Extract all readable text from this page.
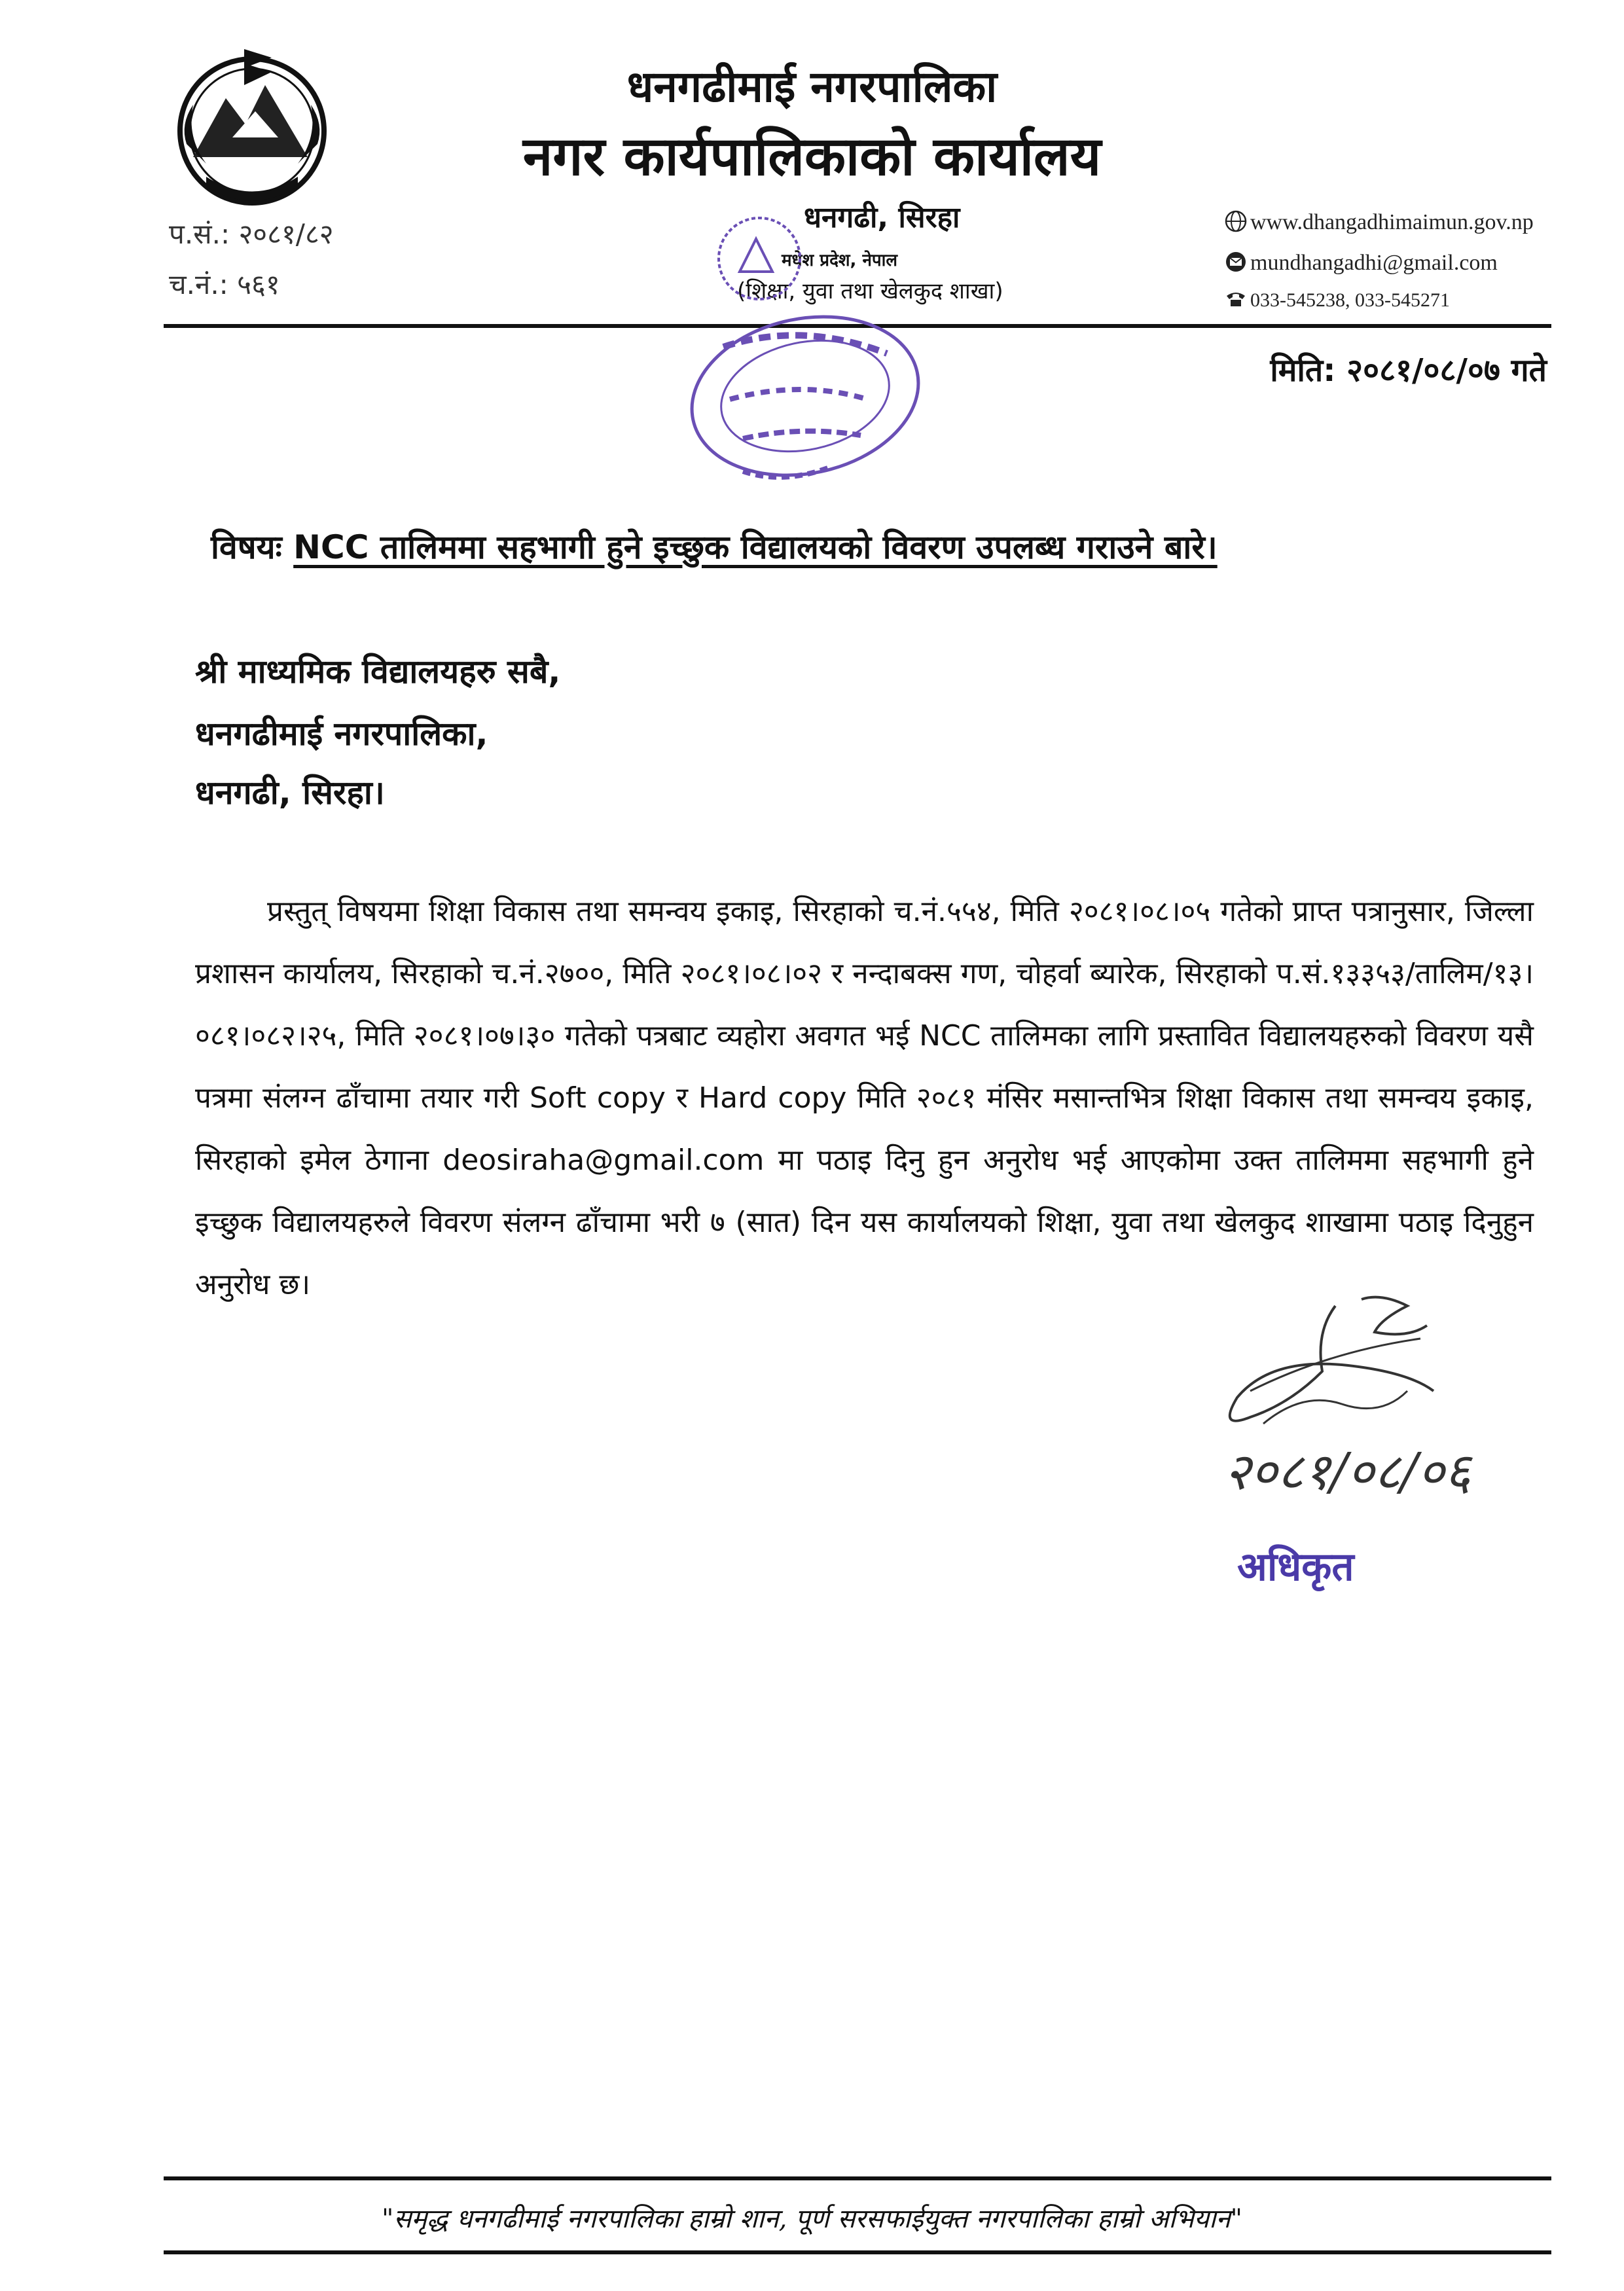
धनगढीमाई नगरपालिका
नगर कार्यपालिकाको कार्यालय
धनगढी, सिरहा
मधेश प्रदेश, नेपाल
(शिक्षा, युवा तथा खेलकुद शाखा)
प.सं.: २०८१/८२
च.नं.: ५६१
www.dhangadhimaimun.gov.np
mundhangadhi@gmail.com
033-545238, 033-545271
मिति: २०८१/०८/०७ गते
विषयः NCC तालिममा सहभागी हुने इच्छुक विद्यालयको विवरण उपलब्ध गराउने बारे।
श्री माध्यमिक विद्यालयहरु सबै,
धनगढीमाई नगरपालिका,
धनगढी, सिरहा।
प्रस्तुत् विषयमा शिक्षा विकास तथा समन्वय इकाइ, सिरहाको च.नं.५५४, मिति २०८१।०८।०५ गतेको प्राप्त पत्रानुसार, जिल्ला प्रशासन कार्यालय, सिरहाको च.नं.२७००, मिति २०८१।०८।०२ र नन्दाबक्स गण, चोहर्वा ब्यारेक, सिरहाको प.सं.१३३५३/तालिम/१३।०८१।०८२।२५, मिति २०८१।०७।३० गतेको पत्रबाट व्यहोरा अवगत भई NCC तालिमका लागि प्रस्तावित विद्यालयहरुको विवरण यसै पत्रमा संलग्न ढाँचामा तयार गरी Soft copy र Hard copy मिति २०८१ मंसिर मसान्तभित्र शिक्षा विकास तथा समन्वय इकाइ, सिरहाको इमेल ठेगाना deosiraha@gmail.com मा पठाइ दिनु हुन अनुरोध भई आएकोमा उक्त तालिममा सहभागी हुने इच्छुक विद्यालयहरुले विवरण संलग्न ढाँचामा भरी ७ (सात) दिन यस कार्यालयको शिक्षा, युवा तथा खेलकुद शाखामा पठाइ दिनुहुन अनुरोध छ।
२०८१/०८/०६
अधिकृत
"समृद्ध धनगढीमाई नगरपालिका हाम्रो शान, पूर्ण सरसफाईयुक्त नगरपालिका हाम्रो अभियान"
